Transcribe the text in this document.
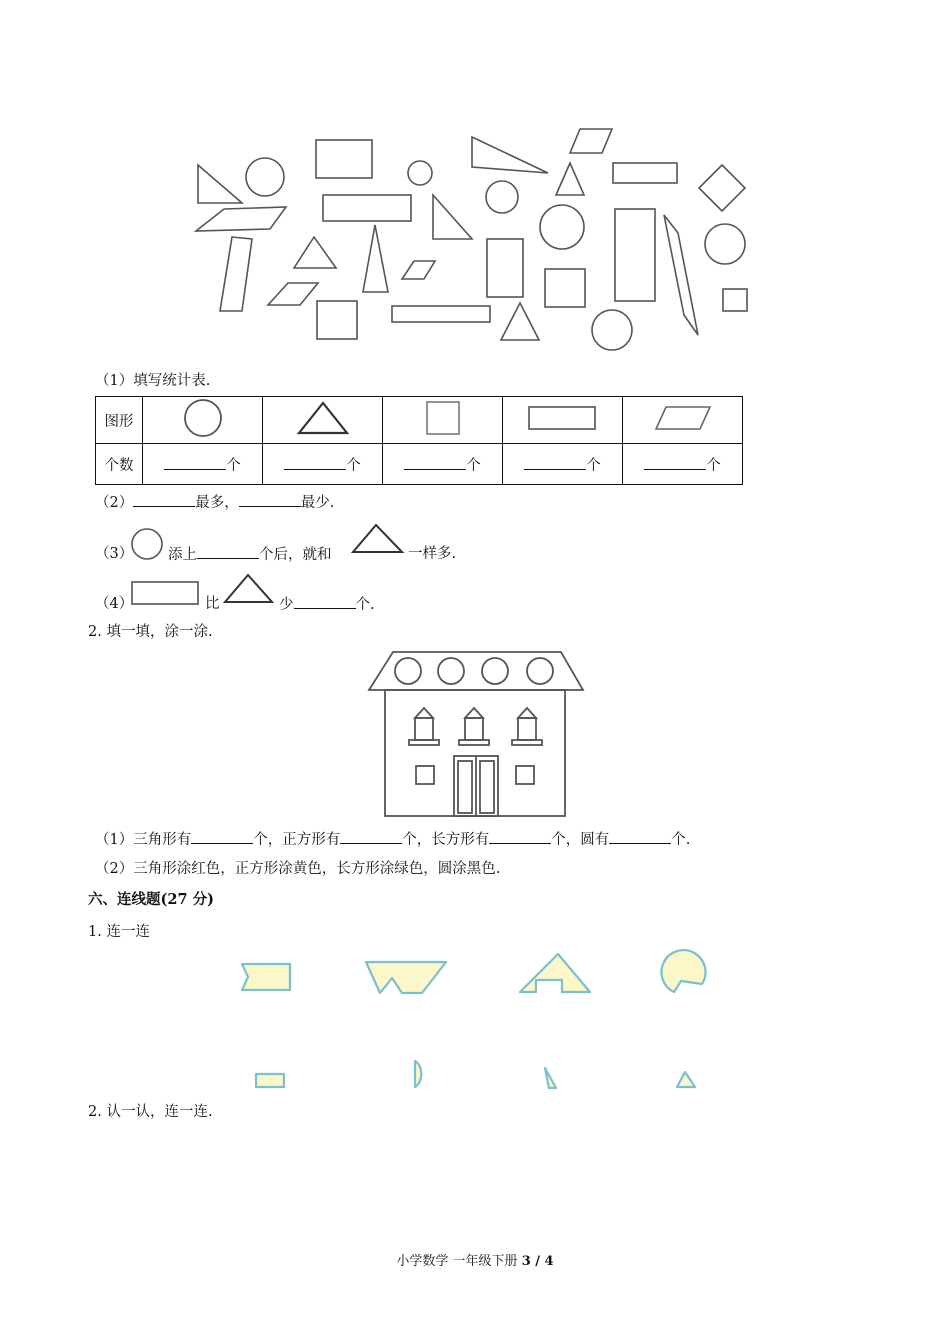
（1）填写统计表.
图形					
个数	个	个	个	个	个
（2）	最多，	最少.
（3） 添上	个后，就和	一样多.
（4）	比	少	个.
2. 填一填，涂一涂.
（1）三角形有	个，正方形有	个，长方形有	个，圆有	个.
（2）三角形涂红色，正方形涂黄色，长方形涂绿色，圆涂黑色.
六、连线题(27 分)
1. 连一连
2. 认一认，连一连.
小学数学 一年级下册 3 / 4
